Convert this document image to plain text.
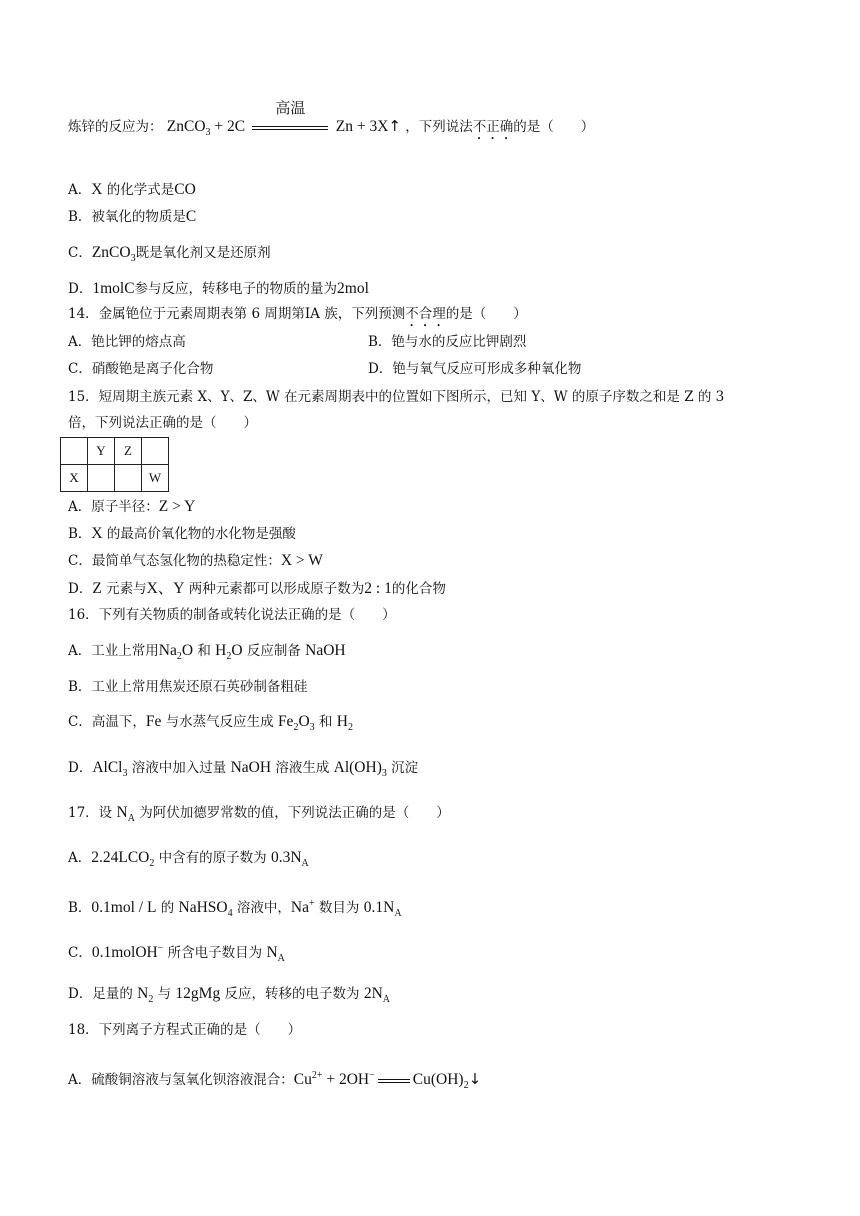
炼锌的反应为： ZnCO$_3$ + 2C
高温
Zn + 3X↑ ，下列说法不正确的是（　　）
A．X 的化学式是CO
B．被氧化的物质是C
C．ZnCO$_3$既是氧化剂又是还原剂
D．1molC参与反应，转移电子的物质的量为2mol
14．金属铯位于元素周期表第 6 周期第ⅠA 族，下列预测不合理的是（　　）
A．铯比钾的熔点高	B．铯与水的反应比钾剧烈
C．硝酸铯是离子化合物	D．铯与氧气反应可形成多种氧化物
15．短周期主族元素 X、Y、Z、W 在元素周期表中的位置如下图所示，已知 Y、W 的原子序数之和是 Z 的 3
倍，下列说法正确的是（　　）
	Y	Z	
X			W
A．原子半径：Z > Y
B．X 的最高价氧化物的水化物是强酸
C．最简单气态氢化物的热稳定性：X > W
D．Z 元素与X、Y 两种元素都可以形成原子数为2 : 1的化合物
16．下列有关物质的制备或转化说法正确的是（　　）
A．工业上常用$Na_2O$ 和 $H_2O$ 反应制备 NaOH
B．工业上常用焦炭还原石英砂制备粗硅
C．高温下，Fe 与水蒸气反应生成 $Fe_2O_3$ 和 $H_2$
D．AlCl$_3$ 溶液中加入过量 NaOH 溶液生成 $Al(OH)_3$ 沉淀
17．设 $N_A$ 为阿伏加德罗常数的值，下列说法正确的是（　　）
A．$2.24LCO_2$ 中含有的原子数为 $0.3N_A$
B．0.1mol / L 的 NaHSO$_4$ 溶液中，Na+ 数目为 $0.1N_A$
C．0.1molOH− 所含电子数目为 $N_A$
D．足量的 $N_2$ 与 12gMg 反应，转移的电子数为 $2N_A$
18．下列离子方程式正确的是（　　）
A．硫酸铜溶液与氢氧化钡溶液混合：$Cu^{2+} + 2OH^-$ $Cu(OH)_2↓$
